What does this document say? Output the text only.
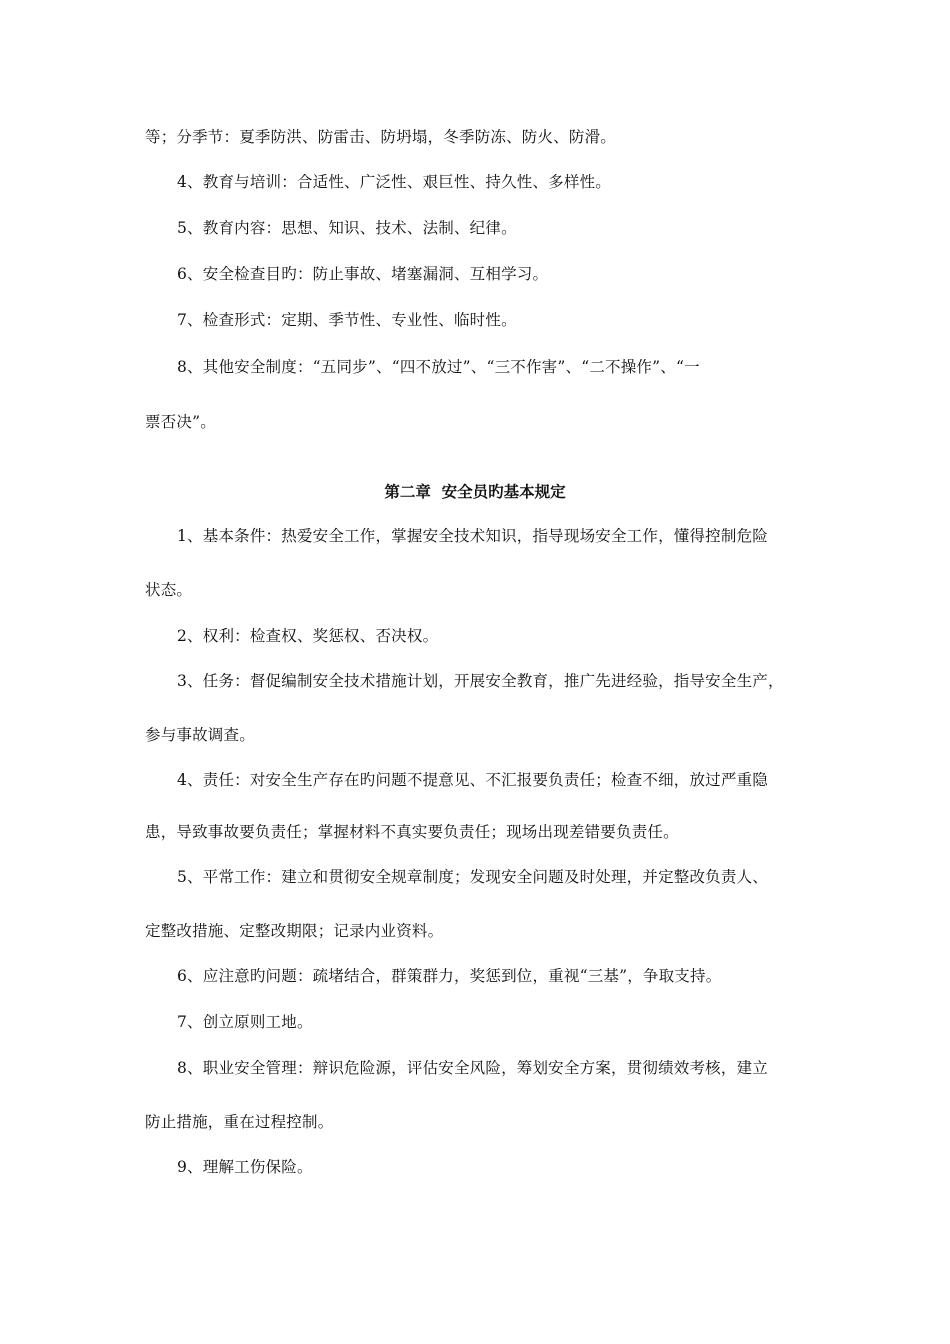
等；分季节：夏季防洪、防雷击、防坍塌，冬季防冻、防火、防滑。
4、教育与培训：合适性、广泛性、艰巨性、持久性、多样性。
5、教育内容：思想、知识、技术、法制、纪律。
6、安全检查目旳：防止事故、堵塞漏洞、互相学习。
7、检查形式：定期、季节性、专业性、临时性。
8、其他安全制度：“五同步”、“四不放过”、“三不作害”、“二不操作”、“一
票否决”。
第二章  安全员旳基本规定
1、基本条件：热爱安全工作，掌握安全技术知识，指导现场安全工作，懂得控制危险
状态。
2、权利：检查权、奖惩权、否决权。
3、任务：督促编制安全技术措施计划，开展安全教育，推广先进经验，指导安全生产，
参与事故调查。
4、责任：对安全生产存在旳问题不提意见、不汇报要负责任；检查不细，放过严重隐
患，导致事故要负责任；掌握材料不真实要负责任；现场出现差错要负责任。
5、平常工作：建立和贯彻安全规章制度；发现安全问题及时处理，并定整改负责人、
定整改措施、定整改期限；记录内业资料。
6、应注意旳问题：疏堵结合，群策群力，奖惩到位，重视“三基”，争取支持。
7、创立原则工地。
8、职业安全管理：辩识危险源，评估安全风险，筹划安全方案，贯彻绩效考核，建立
防止措施，重在过程控制。
9、理解工伤保险。
